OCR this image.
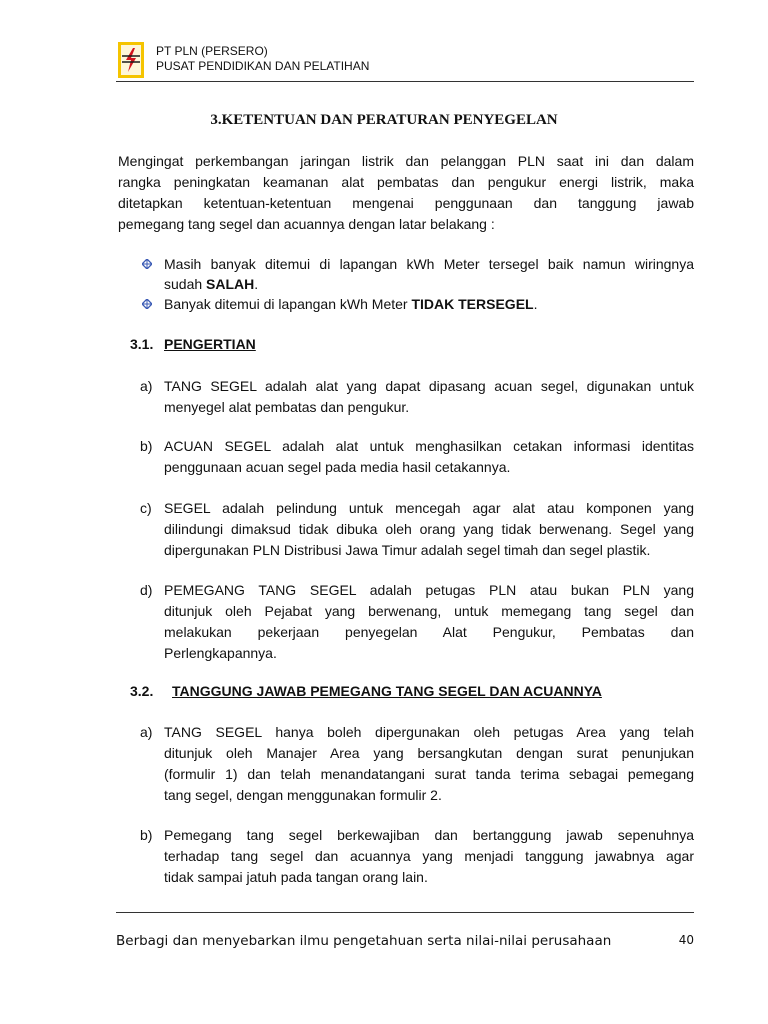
PT PLN (PERSERO)
PUSAT PENDIDIKAN DAN PELATIHAN
3.KETENTUAN DAN PERATURAN PENYEGELAN
Mengingat perkembangan jaringan listrik dan pelanggan PLN saat ini dan dalam
rangka peningkatan keamanan alat pembatas dan pengukur energi listrik, maka
ditetapkan ketentuan-ketentuan mengenai penggunaan dan tanggung jawab
pemegang tang segel dan acuannya dengan latar belakang :
Masih banyak ditemui di lapangan kWh Meter tersegel baik namun wiringnya
sudah SALAH.
Banyak ditemui di lapangan kWh Meter TIDAK TERSEGEL.
3.1. PENGERTIAN
a) TANG SEGEL adalah alat yang dapat dipasang acuan segel, digunakan untuk
menyegel alat pembatas dan pengukur.
b) ACUAN SEGEL adalah alat untuk menghasilkan cetakan informasi identitas
penggunaan acuan segel pada media hasil cetakannya.
c) SEGEL adalah pelindung untuk mencegah agar alat atau komponen yang
dilindungi dimaksud tidak dibuka oleh orang yang tidak berwenang. Segel yang
dipergunakan PLN Distribusi Jawa Timur adalah segel timah dan segel plastik.
d) PEMEGANG TANG SEGEL adalah petugas PLN atau bukan PLN yang
ditunjuk oleh Pejabat yang berwenang, untuk memegang tang segel dan
melakukan pekerjaan penyegelan Alat Pengukur, Pembatas dan
Perlengkapannya.
3.2. TANGGUNG JAWAB PEMEGANG TANG SEGEL DAN ACUANNYA
a) TANG SEGEL hanya boleh dipergunakan oleh petugas Area yang telah
ditunjuk oleh Manajer Area yang bersangkutan dengan surat penunjukan
(formulir 1) dan telah menandatangani surat tanda terima sebagai pemegang
tang segel, dengan menggunakan formulir 2.
b) Pemegang tang segel berkewajiban dan bertanggung jawab sepenuhnya
terhadap tang segel dan acuannya yang menjadi tanggung jawabnya agar
tidak sampai jatuh pada tangan orang lain.
Berbagi dan menyebarkan ilmu pengetahuan serta nilai-nilai perusahaan	40
